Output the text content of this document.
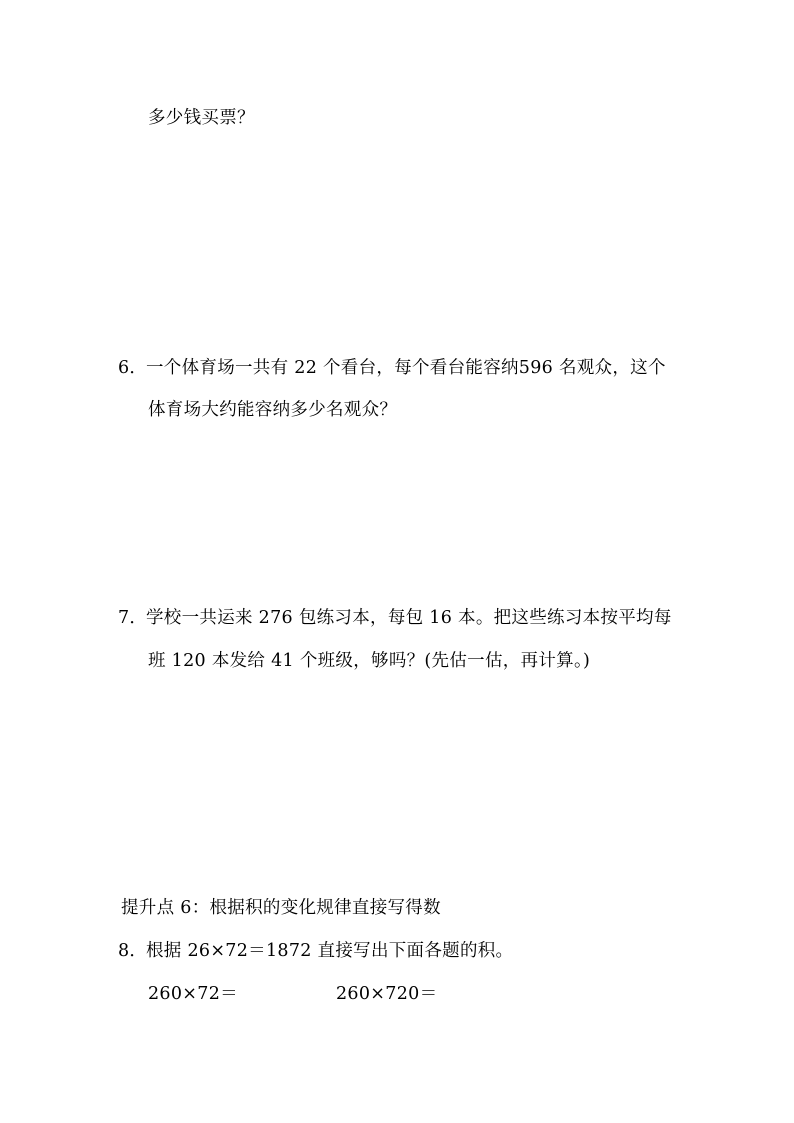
多少钱买票？
6．一个体育场一共有 22 个看台，每个看台能容纳596 名观众，这个
体育场大约能容纳多少名观众？
7．学校一共运来 276 包练习本，每包 16 本。把这些练习本按平均每
班 120 本发给 41 个班级，够吗？(先估一估，再计算。)
提升点 6：根据积的变化规律直接写得数
8．根据 26×72＝1872 直接写出下面各题的积。
260×72＝	260×720＝
